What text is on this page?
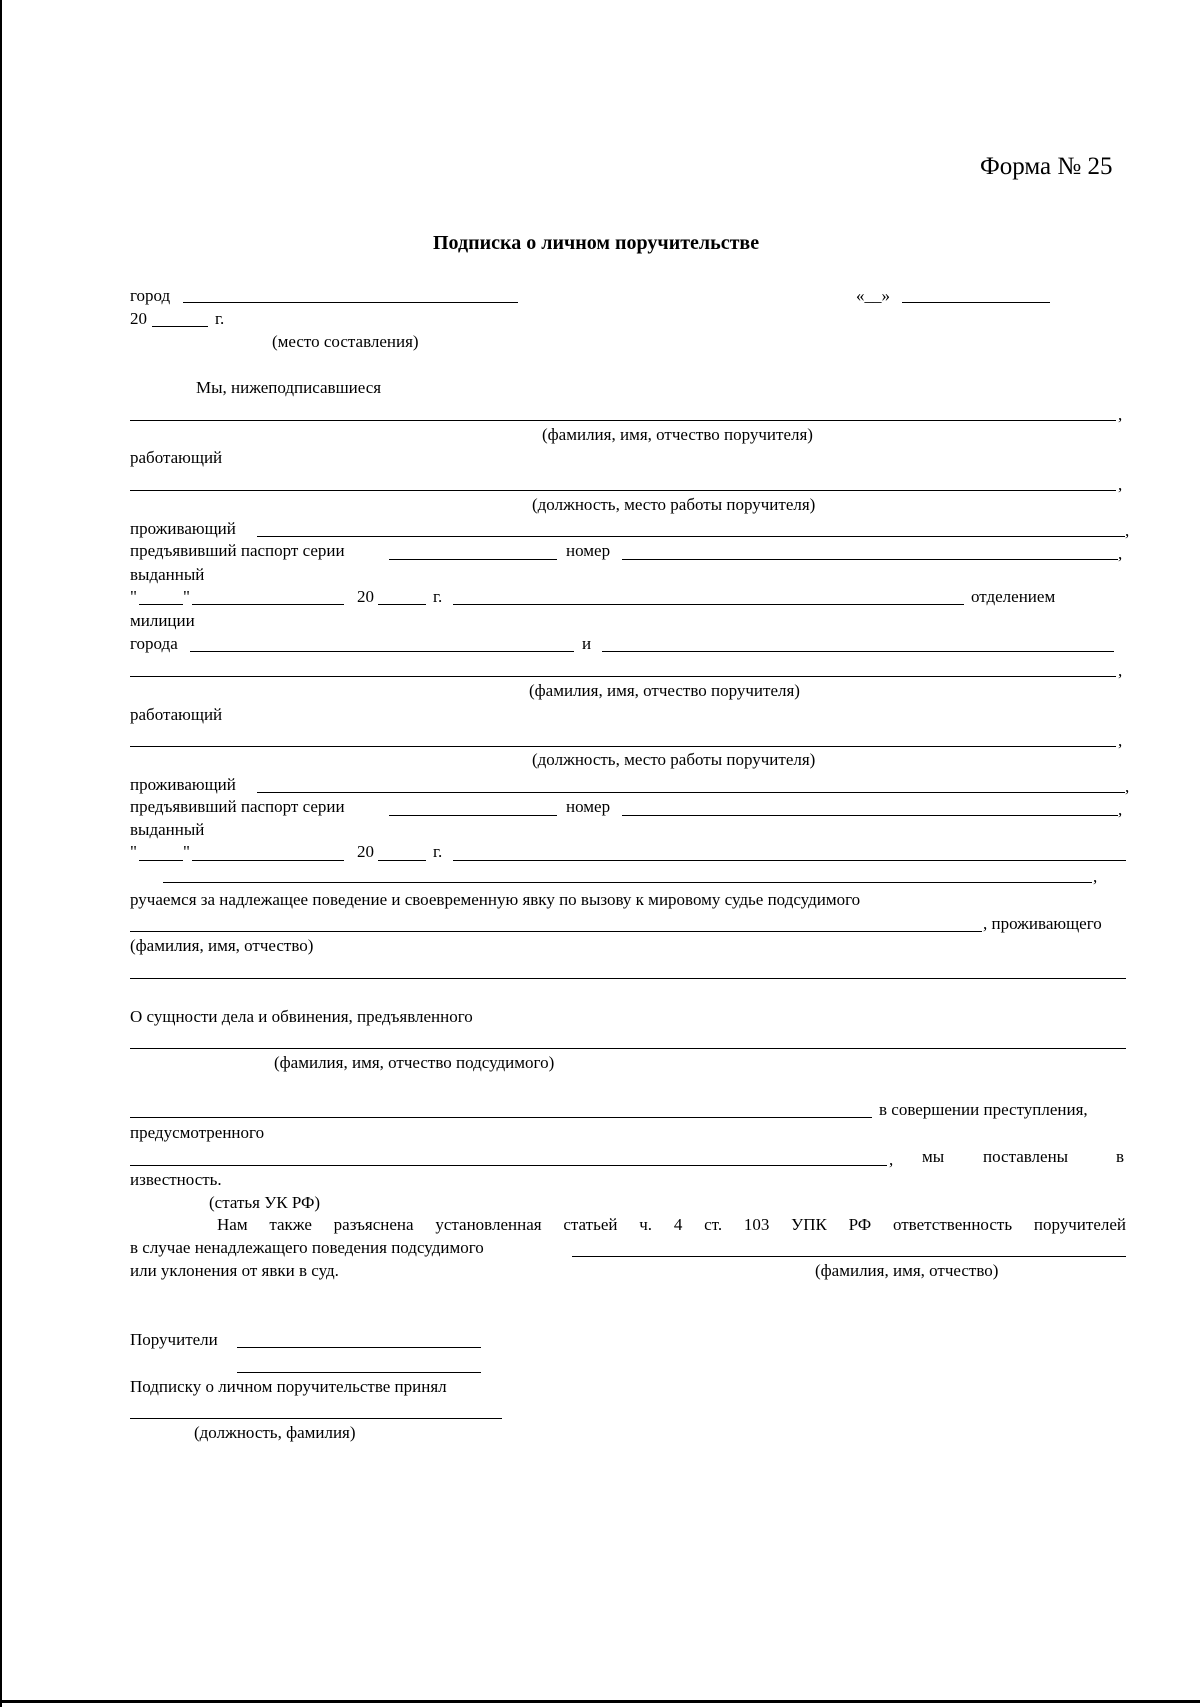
Форма № 25
Подписка о личном поручительстве
город	«__»
20	г.
(место составления)
Мы, нижеподписавшиеся
,
(фамилия, имя, отчество поручителя)
работающий
,
(должность, место работы поручителя)
проживающий	,
предъявивший паспорт серии	номер	,
выданный
"	"	20	г.	отделением
милиции
города	и
,
(фамилия, имя, отчество поручителя)
работающий
,
(должность, место работы поручителя)
проживающий	,
предъявивший паспорт серии	номер	,
выданный
"	"	20	г.
,
ручаемся за надлежащее поведение и своевременную явку по вызову к мировому судье подсудимого
, проживающего
(фамилия, имя, отчество)
О сущности дела и обвинения, предъявленного
(фамилия, имя, отчество подсудимого)
в совершении преступления,
предусмотренного
, мы поставлены	в
известность.
(статья УК РФ)
Нам также разъяснена установленная статьей ч. 4 ст. 103 УПК РФ ответственность поручителей
в случае ненадлежащего поведения подсудимого
или уклонения от явки в суд.	(фамилия, имя, отчество)
Поручители
Подписку о личном поручительстве принял
(должность, фамилия)
